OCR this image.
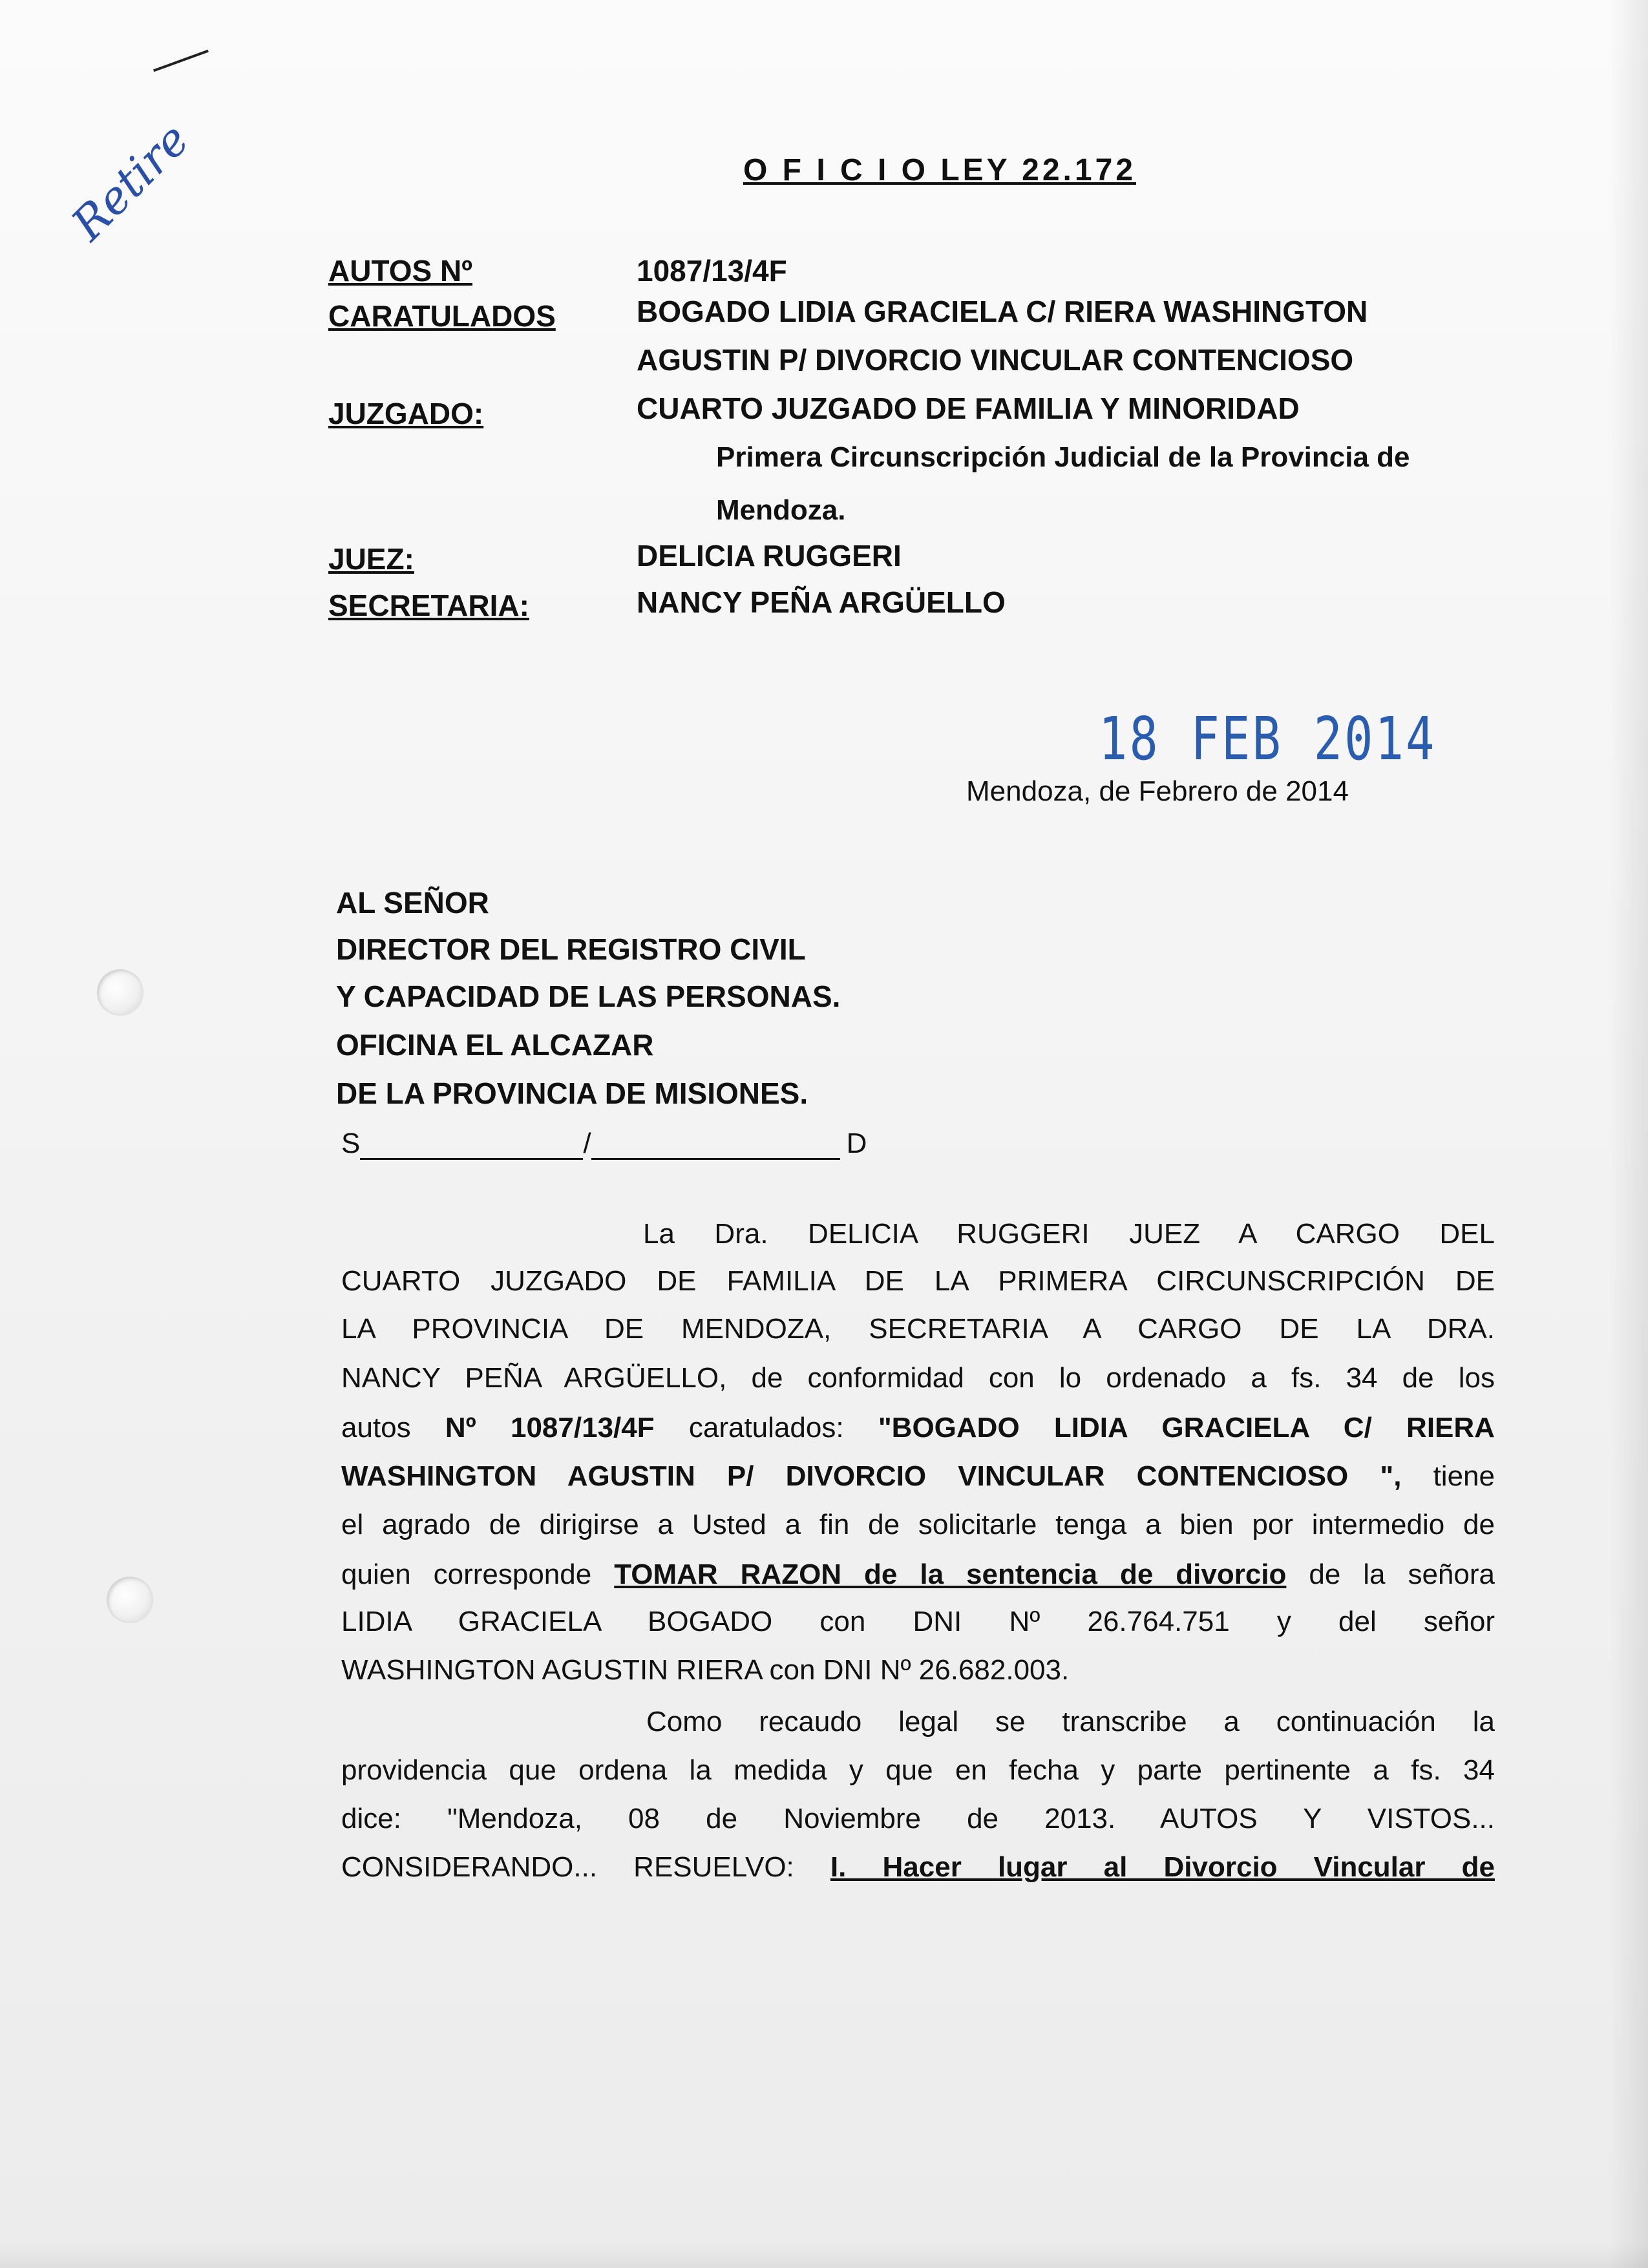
Retire	O F I C I O LEY 22.172
AUTOS Nº	1087/13/4F
CARATULADOS	BOGADO LIDIA GRACIELA C/ RIERA WASHINGTON
AGUSTIN P/ DIVORCIO VINCULAR CONTENCIOSO
JUZGADO:	CUARTO JUZGADO DE FAMILIA Y MINORIDAD
Primera Circunscripción Judicial de la Provincia de
Mendoza.
JUEZ:	DELICIA RUGGERI
SECRETARIA:	NANCY PEÑA ARGÜELLO
18 FEB 2014
Mendoza, de Febrero de 2014
AL SEÑOR
DIRECTOR DEL REGISTRO CIVIL
Y CAPACIDAD DE LAS PERSONAS.
OFICINA EL ALCAZAR
DE LA PROVINCIA DE MISIONES.
S	/	D
La Dra. DELICIA RUGGERI JUEZ A CARGO DEL
CUARTO JUZGADO DE FAMILIA DE LA PRIMERA CIRCUNSCRIPCIÓN DE
LA PROVINCIA DE MENDOZA, SECRETARIA A CARGO DE LA DRA.
NANCY PEÑA ARGÜELLO, de conformidad con lo ordenado a fs. 34 de los
autos Nº 1087/13/4F caratulados: "BOGADO LIDIA GRACIELA C/ RIERA
WASHINGTON AGUSTIN P/ DIVORCIO VINCULAR CONTENCIOSO ", tiene
el agrado de dirigirse a Usted a fin de solicitarle tenga a bien por intermedio de
quien corresponde TOMAR RAZON de la sentencia de divorcio de la señora
LIDIA GRACIELA BOGADO con DNI Nº 26.764.751 y del señor
WASHINGTON AGUSTIN RIERA con DNI Nº 26.682.003.
Como recaudo legal se transcribe a continuación la
providencia que ordena la medida y que en fecha y parte pertinente a fs. 34
dice: "Mendoza, 08 de Noviembre de 2013. AUTOS Y VISTOS...
CONSIDERANDO... RESUELVO: I. Hacer lugar al Divorcio Vincular de
